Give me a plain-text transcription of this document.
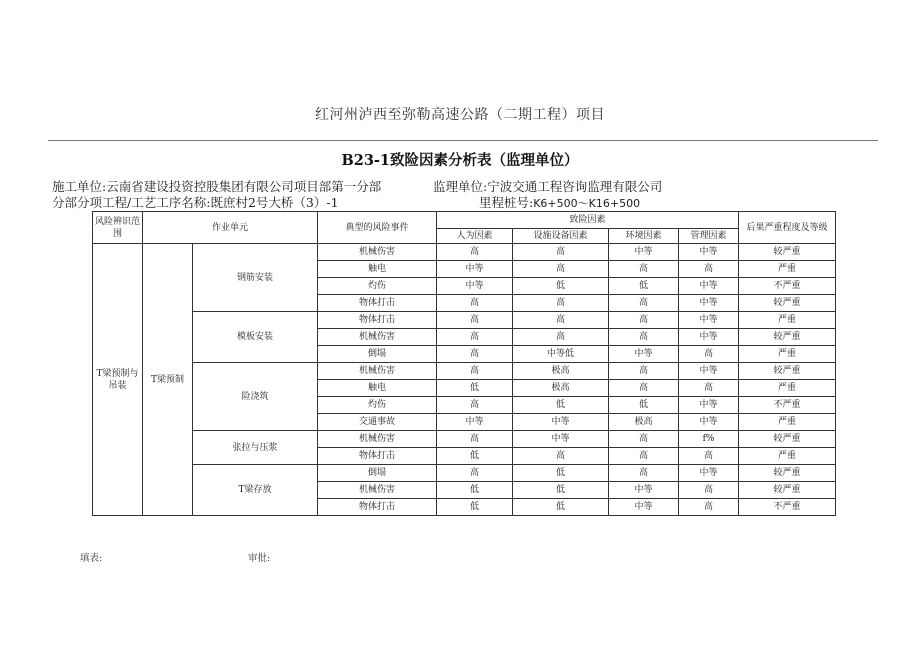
红河州泸西至弥勒高速公路（二期工程）项目
B23-1致险因素分析表（监理单位）
施工单位:云南省建设投资控股集团有限公司项目部第一分部	监理单位:宁波交通工程咨询监理有限公司
分部分项工程/工艺工序名称:既庶村2号大桥（3）-1	里程桩号:K6+500～K16+500
风险辨识范围	作业单元		典型的风险事件	致险因素				后果严重程度及等级
				人为因素	设施设备因素	环境因素	管理因素	
T梁预制与吊装	T梁预制	钢筋安装	机械伤害	高	高	中等	中等	较严重
			触电	中等	高	高	高	严重
			灼伤	中等	低	低	中等	不严重
			物体打击	高	高	高	中等	较严重
		模板安装	物体打击	高	高	高	中等	严重
			机械伤害	高	高	高	中等	较严重
			倒塌	高	中等低	中等	高	严重
		险浇筑	机械伤害	高	极高	高	中等	较严重
			触电	低	极高	高	高	严重
			灼伤	高	低	低	中等	不严重
			交通事故	中等	中等	极高	中等	严重
		张拉与压浆	机械伤害	高	中等	高	f%	较严重
			物体打击	低	高	高	高	严重
		T梁存放	倒塌	高	低	高	中等	较严重
			机械伤害	低	低	中等	高	较严重
			物体打击	低	低	中等	高	不严重
填表:	审批:
